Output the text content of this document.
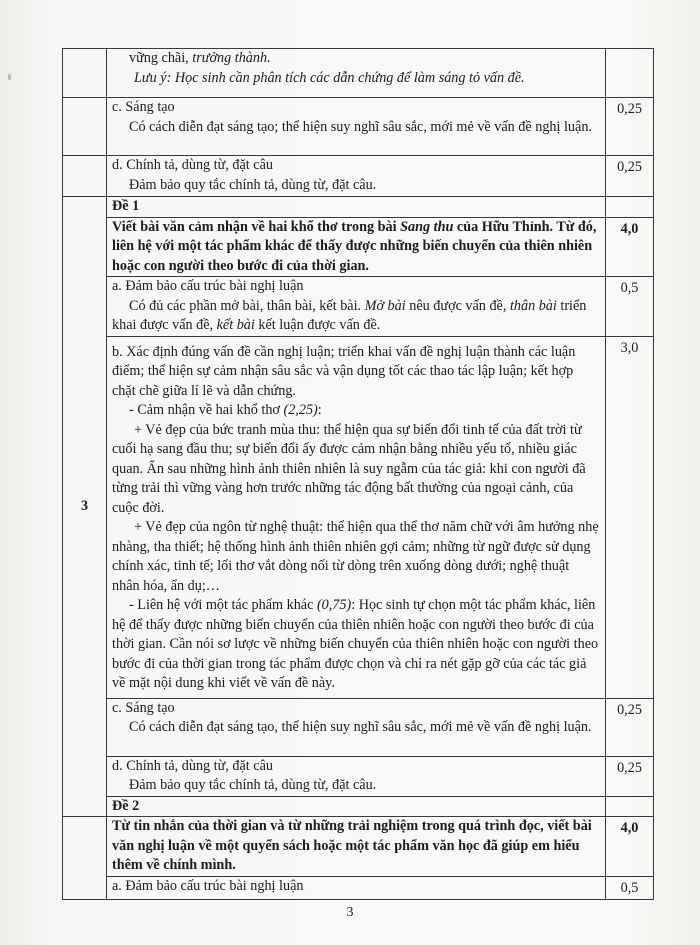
	vững chãi, trưởng thành.

Lưu ý: Học sinh cần phân tích các dẫn chứng để làm sáng tỏ vấn đề.	

	c. Sáng tạo

Có cách diễn đạt sáng tạo; thể hiện suy nghĩ sâu sắc, mới mẻ về vấn đề nghị luận.	0,25

	d. Chính tả, dùng từ, đặt câu

Đảm bảo quy tắc chính tả, dùng từ, đặt câu.	0,25

3	Đề 1	
	Viết bài văn cảm nhận về hai khổ thơ trong bài Sang thu của Hữu Thỉnh. Từ đó, liên hệ với một tác phẩm khác để thấy được những biến chuyển của thiên nhiên hoặc con người theo bước đi của thời gian.	4,0

	a. Đảm bảo cấu trúc bài nghị luận

Có đủ các phần mở bài, thân bài, kết bài. Mở bài nêu được vấn đề, thân bài triển khai được vấn đề, kết bài kết luận được vấn đề.	0,5

	b. Xác định đúng vấn đề cần nghị luận; triển khai vấn đề nghị luận thành các luận điểm; thể hiện sự cảm nhận sâu sắc và vận dụng tốt các thao tác lập luận; kết hợp chặt chẽ giữa lí lẽ và dẫn chứng.

- Cảm nhận về hai khổ thơ (2,25):

+ Vẻ đẹp của bức tranh mùa thu: thể hiện qua sự biến đổi tinh tế của đất trời từ cuối hạ sang đầu thu; sự biến đổi ấy được cảm nhận bằng nhiều yếu tố, nhiều giác quan. Ẩn sau những hình ảnh thiên nhiên là suy ngẫm của tác giả: khi con người đã từng trải thì vững vàng hơn trước những tác động bất thường của ngoại cảnh, của cuộc đời.

+ Vẻ đẹp của ngôn từ nghệ thuật: thể hiện qua thể thơ năm chữ với âm hưởng nhẹ nhàng, tha thiết; hệ thống hình ảnh thiên nhiên gợi cảm; những từ ngữ được sử dụng chính xác, tinh tế; lối thơ vắt dòng nối từ dòng trên xuống dòng dưới; nghệ thuật nhân hóa, ẩn dụ;…

- Liên hệ với một tác phẩm khác (0,75): Học sinh tự chọn một tác phẩm khác, liên hệ để thấy được những biến chuyển của thiên nhiên hoặc con người theo bước đi của thời gian. Cần nói sơ lược về những biến chuyển của thiên nhiên hoặc con người theo bước đi của thời gian trong tác phẩm được chọn và chỉ ra nét gặp gỡ của các tác giả về mặt nội dung khi viết về vấn đề này.	3,0

	c. Sáng tạo

Có cách diễn đạt sáng tạo, thể hiện suy nghĩ sâu sắc, mới mẻ về vấn đề nghị luận.	0,25

	d. Chính tả, dùng từ, đặt câu

Đảm bảo quy tắc chính tả, dùng từ, đặt câu.	0,25

	Đề 2	
	Từ tin nhắn của thời gian và từ những trải nghiệm trong quá trình đọc, viết bài văn nghị luận về một quyển sách hoặc một tác phẩm văn học đã giúp em hiểu thêm về chính mình.	4,0

	a. Đảm bảo cấu trúc bài nghị luận	0,5
3
